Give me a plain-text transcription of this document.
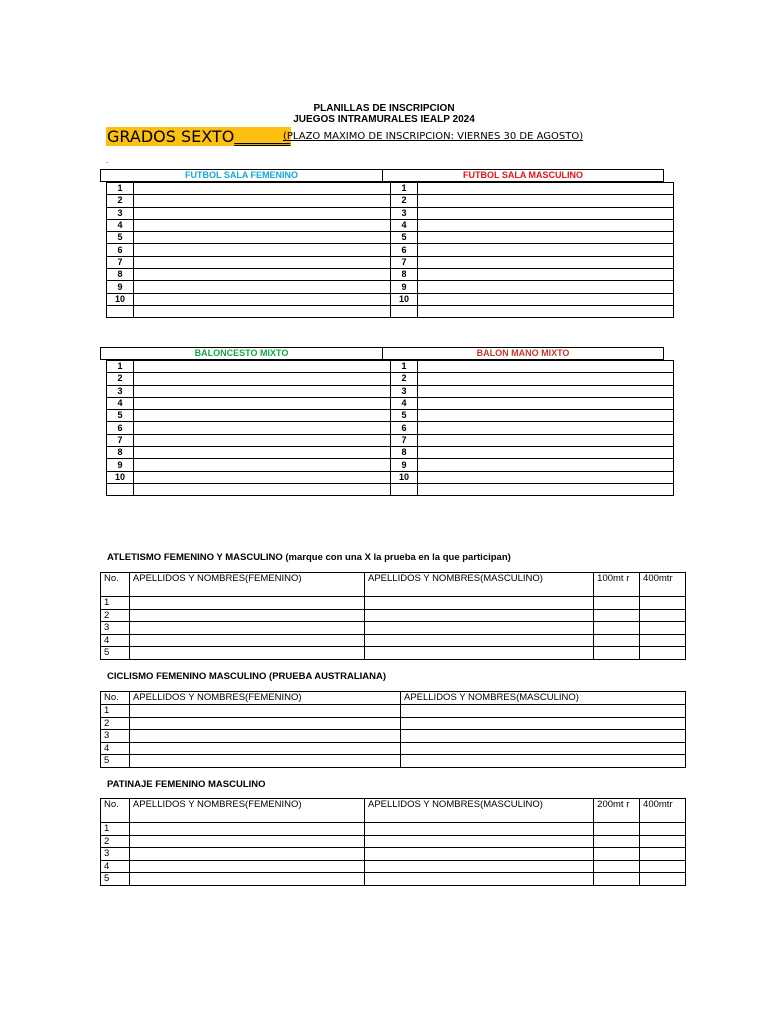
PLANILLAS DE INSCRIPCION
JUEGOS INTRAMURALES IEALP 2024
GRADOS SEXTO_______
(PLAZO MAXIMO DE INSCRIPCION: VIERNES 30 DE AGOSTO)
.
FUTBOL SALA FEMENINO	FUTBOL SALA MASCULINO
1		1	
2		2	
3		3	
4		4	
5		5	
6		6	
7		7	
8		8	
9		9	
10		10	

BALONCESTO MIXTO	BALON MANO MIXTO
1		1	
2		2	
3		3	
4		4	
5		5	
6		6	
7		7	
8		8	
9		9	
10		10	

ATLETISMO FEMENINO Y MASCULINO (marque con una X la prueba en la que participan)
No.	APELLIDOS Y NOMBRES(FEMENINO)	APELLIDOS Y NOMBRES(MASCULINO)	100mt r	400mtr
1				
2				
3				
4				
5				
CICLISMO FEMENINO MASCULINO (PRUEBA AUSTRALIANA)
No.	APELLIDOS Y NOMBRES(FEMENINO)	APELLIDOS Y NOMBRES(MASCULINO)
1		
2		
3		
4		
5		
PATINAJE FEMENINO MASCULINO
No.	APELLIDOS Y NOMBRES(FEMENINO)	APELLIDOS Y NOMBRES(MASCULINO)	200mt r	400mtr
1				
2				
3				
4				
5				
